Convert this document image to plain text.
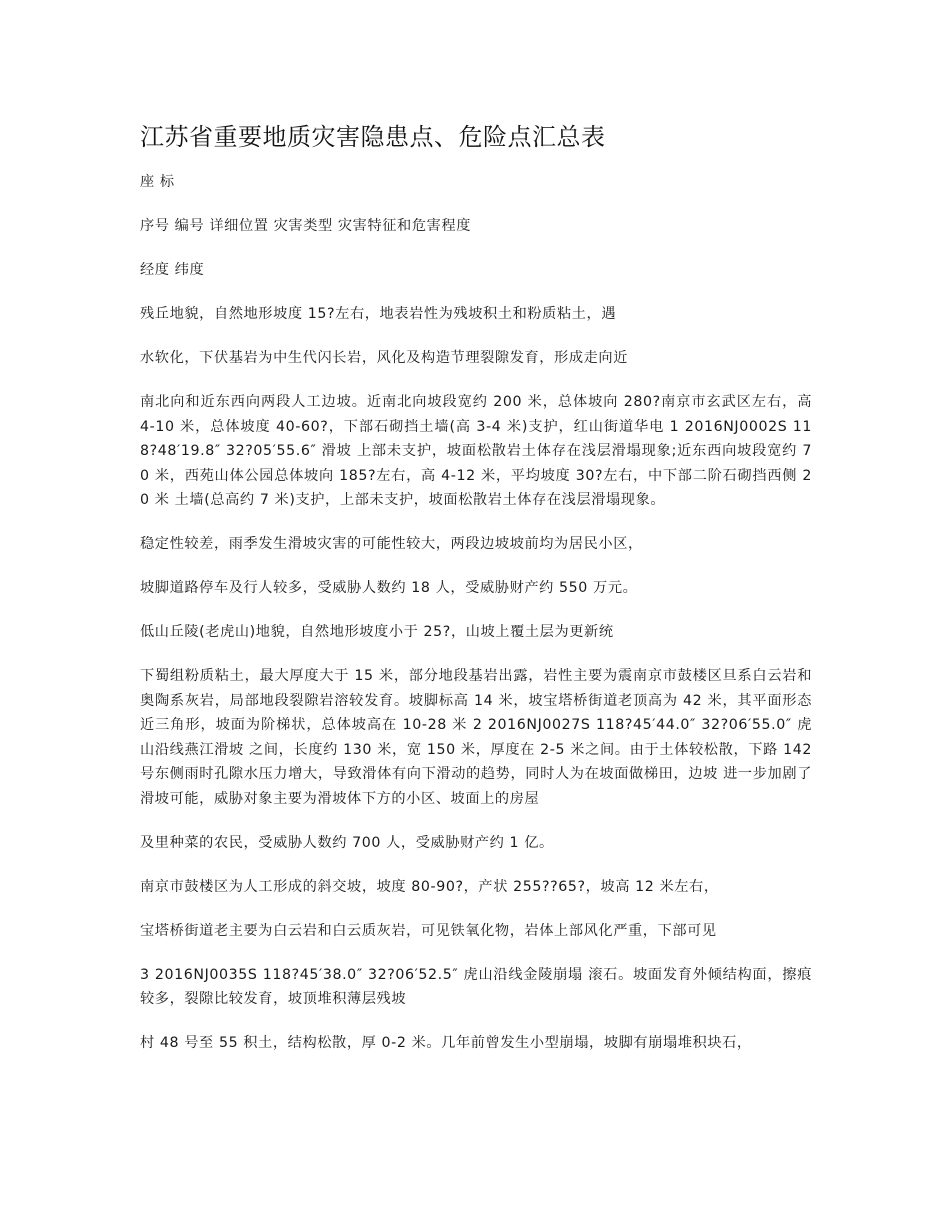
江苏省重要地质灾害隐患点、危险点汇总表

座 标

序号 编号 详细位置 灾害类型 灾害特征和危害程度

经度 纬度

残丘地貌，自然地形坡度 15?左右，地表岩性为残坡积土和粉质粘土，遇

水软化，下伏基岩为中生代闪长岩，风化及构造节理裂隙发育，形成走向近

南北向和近东西向两段人工边坡。近南北向坡段宽约 200 米，总体坡向 280?南京市玄武区左右，高 4-10 米，总体坡度 40-60?，下部石砌挡土墙(高 3-4 米)支护，红山街道华电 1 2016NJ0002S 118?48′19.8″ 32?05′55.6″ 滑坡 上部未支护，坡面松散岩土体存在浅层滑塌现象;近东西向坡段宽约 70 米，西苑山体公园总体坡向 185?左右，高 4-12 米，平均坡度 30?左右，中下部二阶石砌挡西侧 20 米 土墙(总高约 7 米)支护，上部未支护，坡面松散岩土体存在浅层滑塌现象。

稳定性较差，雨季发生滑坡灾害的可能性较大，两段边坡坡前均为居民小区，

坡脚道路停车及行人较多，受威胁人数约 18 人，受威胁财产约 550 万元。

低山丘陵(老虎山)地貌，自然地形坡度小于 25?，山坡上覆土层为更新统

下蜀组粉质粘土，最大厚度大于 15 米，部分地段基岩出露，岩性主要为震南京市鼓楼区旦系白云岩和奥陶系灰岩，局部地段裂隙岩溶较发育。坡脚标高 14 米，坡宝塔桥街道老顶高为 42 米，其平面形态近三角形，坡面为阶梯状，总体坡高在 10-28 米 2 2016NJ0027S 118?45′44.0″ 32?06′55.0″ 虎山沿线燕江滑坡 之间，长度约 130 米，宽 150 米，厚度在 2-5 米之间。由于土体较松散，下路 142 号东侧雨时孔隙水压力增大，导致滑体有向下滑动的趋势，同时人为在坡面做梯田，边坡 进一步加剧了滑坡可能，威胁对象主要为滑坡体下方的小区、坡面上的房屋

及里种菜的农民，受威胁人数约 700 人，受威胁财产约 1 亿。

南京市鼓楼区为人工形成的斜交坡，坡度 80-90?，产状 255??65?，坡高 12 米左右，

宝塔桥街道老主要为白云岩和白云质灰岩，可见铁氧化物，岩体上部风化严重，下部可见

3 2016NJ0035S 118?45′38.0″ 32?06′52.5″ 虎山沿线金陵崩塌 滚石。坡面发育外倾结构面，擦痕较多，裂隙比较发育，坡顶堆积薄层残坡

村 48 号至 55 积土，结构松散，厚 0-2 米。几年前曾发生小型崩塌，坡脚有崩塌堆积块石，
